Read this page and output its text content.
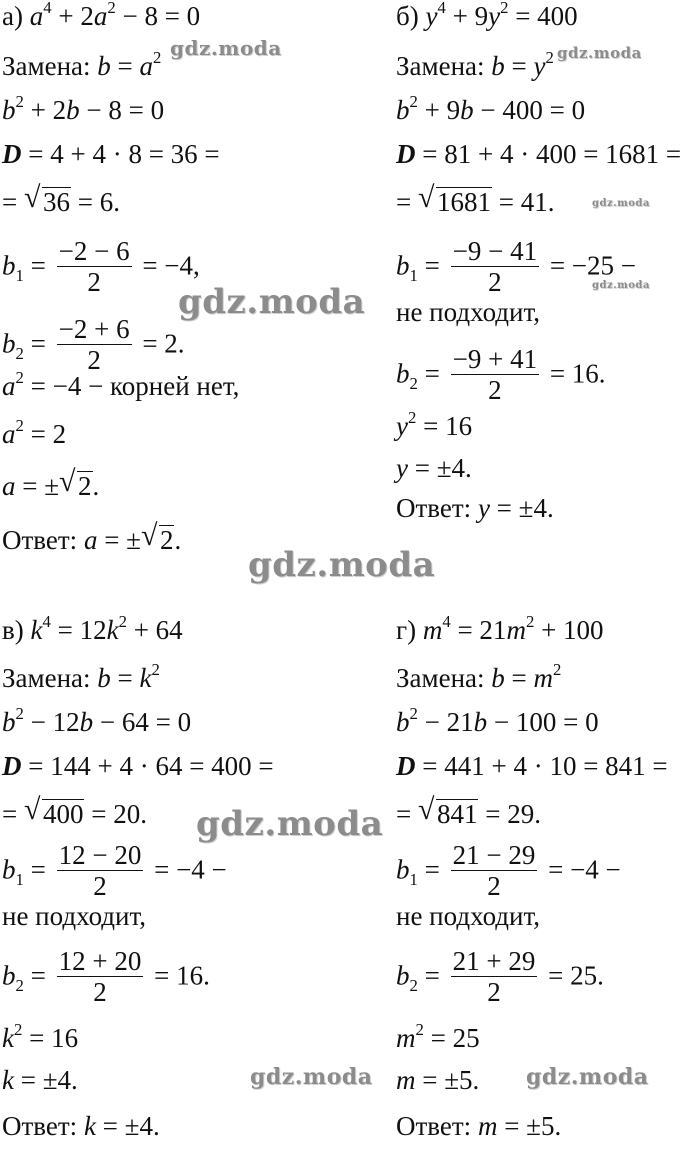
а) $a^4 + 2a^2 - 8 = 0$
Замена: $b = a^2$
$b^2 + 2b - 8 = 0$
D = 4 + 4 · 8 = 36 =
= √ 36 = 6.
$b_1 = \frac{-2 - 6}{2} = -4$,
$b_2 = \frac{-2 + 6}{2} = 2$.
$a^2 = -4$ − корней нет,
$a^2 = 2$
a = ± √ 2.
Ответ: a = ± √ 2.
б) $y^4 + 9y^2 = 400$
Замена: $b = y^2$
$b^2 + 9b - 400 = 0$
D = 81 + 4 · 400 = 1681 =
= √ 1681 = 41.
$b_1 = \frac{-9 - 41}{2} = -25$ −
не подходит,
$b_2 = \frac{-9 + 41}{2} = 16$.
$y^2 = 16$
y = ±4.
Ответ: y = ±4.
в) $k^4 = 12k^2 + 64$
Замена: $b = k^2$
$b^2 - 12b - 64 = 0$
D = 144 + 4 · 64 = 400 =
= √ 400 = 20.
$b_1 = \frac{12 - 20}{2} = -4$ −
не подходит,
$b_2 = \frac{12 + 20}{2} = 16$.
$k^2 = 16$
k = ±4.
Ответ: k = ±4.
г) $m^4 = 21m^2 + 100$
Замена: $b = m^2$
$b^2 - 21b - 100 = 0$
D = 441 + 4 · 10 = 841 =
= √ 841 = 29.
$b_1 = \frac{21 - 29}{2} = -4$ −
не подходит,
$b_2 = \frac{21 + 29}{2} = 25$.
$m^2 = 25$
m = ±5.
Ответ: m = ±5.
gdz.moda	gdz.moda
gdz.moda
gdz.moda
gdz.moda
gdz.moda
gdz.moda
gdz.moda	gdz.moda
